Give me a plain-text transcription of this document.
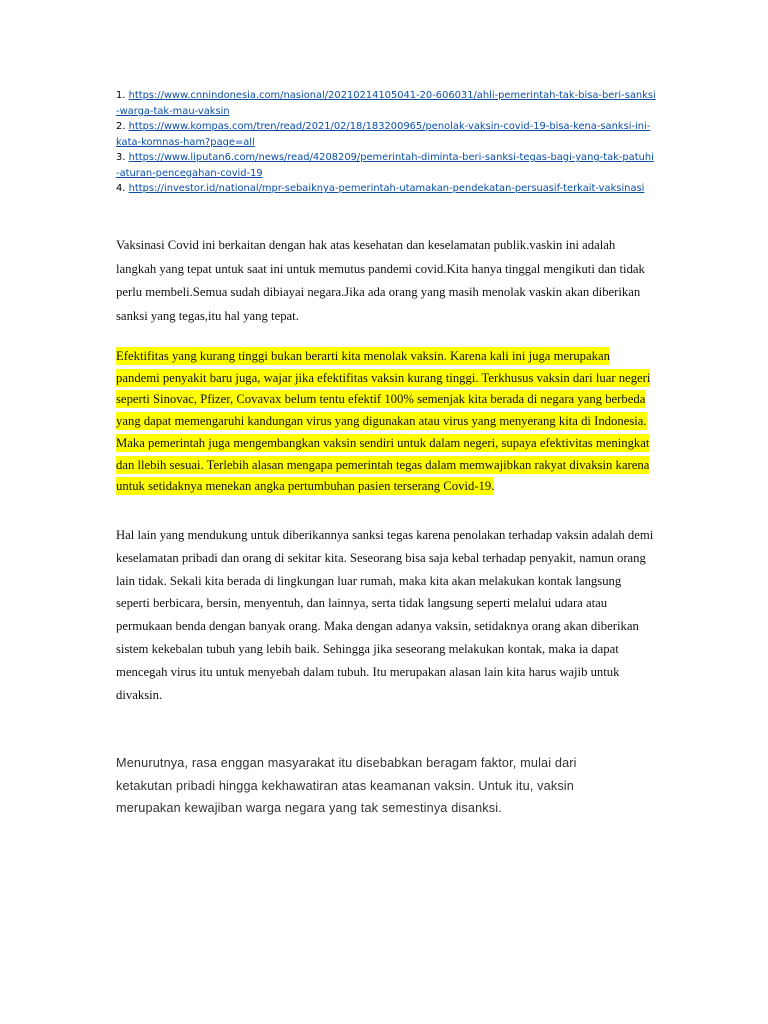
1. https://www.cnnindonesia.com/nasional/20210214105041-20-606031/ahli-pemerintah-tak-bisa-beri-sanksi-warga-tak-mau-vaksin
2. https://www.kompas.com/tren/read/2021/02/18/183200965/penolak-vaksin-covid-19-bisa-kena-sanksi-ini-kata-komnas-ham?page=all
3. https://www.liputan6.com/news/read/4208209/pemerintah-diminta-beri-sanksi-tegas-bagi-yang-tak-patuhi-aturan-pencegahan-covid-19
4. https://investor.id/national/mpr-sebaiknya-pemerintah-utamakan-pendekatan-persuasif-terkait-vaksinasi

Vaksinasi Covid ini berkaitan dengan hak atas kesehatan dan keselamatan publik.vaskin ini adalah langkah yang tepat untuk saat ini untuk memutus pandemi covid.Kita hanya tinggal mengikuti dan tidak perlu membeli.Semua sudah dibiayai negara.Jika ada orang yang masih menolak vaskin akan diberikan sanksi yang tegas,itu hal yang tepat.

Efektifitas yang kurang tinggi bukan berarti kita menolak vaksin. Karena kali ini juga merupakan pandemi penyakit baru juga, wajar jika efektifitas vaksin kurang tinggi. Terkhusus vaksin dari luar negeri seperti Sinovac, Pfizer, Covavax belum tentu efektif 100% semenjak kita berada di negara yang berbeda yang dapat memengaruhi kandungan virus yang digunakan atau virus yang menyerang kita di Indonesia. Maka pemerintah juga mengembangkan vaksin sendiri untuk dalam negeri, supaya efektivitas meningkat dan llebih sesuai. Terlebih alasan mengapa pemerintah tegas dalam memwajibkan rakyat divaksin karena untuk setidaknya menekan angka pertumbuhan pasien terserang Covid-19.

Hal lain yang mendukung untuk diberikannya sanksi tegas karena penolakan terhadap vaksin adalah demi keselamatan pribadi dan orang di sekitar kita. Seseorang bisa saja kebal terhadap penyakit, namun orang lain tidak. Sekali kita berada di lingkungan luar rumah, maka kita akan melakukan kontak langsung seperti berbicara, bersin, menyentuh, dan lainnya, serta tidak langsung seperti melalui udara atau permukaan benda dengan banyak orang. Maka dengan adanya vaksin, setidaknya orang akan diberikan sistem kekebalan tubuh yang lebih baik. Sehingga jika seseorang melakukan kontak, maka ia dapat mencegah virus itu untuk menyebah dalam tubuh. Itu merupakan alasan lain kita harus wajib untuk divaksin.

Menurutnya, rasa enggan masyarakat itu disebabkan beragam faktor, mulai dari ketakutan pribadi hingga kekhawatiran atas keamanan vaksin. Untuk itu, vaksin merupakan kewajiban warga negara yang tak semestinya disanksi.
